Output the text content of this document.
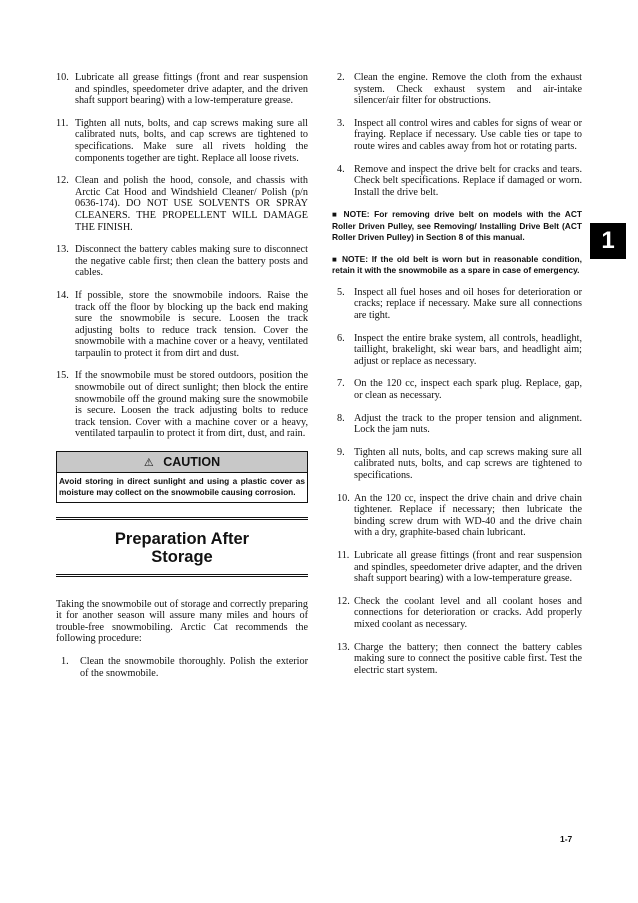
10. Lubricate all grease fittings (front and rear suspension and spindles, speedometer drive adapter, and the driven shaft support bearing) with a low-temperature grease.
11. Tighten all nuts, bolts, and cap screws making sure all calibrated nuts, bolts, and cap screws are tightened to specifications. Make sure all rivets holding the components together are tight. Replace all loose rivets.
12. Clean and polish the hood, console, and chassis with Arctic Cat Hood and Windshield Cleaner/ Polish (p/n 0636-174). DO NOT USE SOLVENTS OR SPRAY CLEANERS. THE PROPELLENT WILL DAMAGE THE FINISH.
13. Disconnect the battery cables making sure to disconnect the negative cable first; then clean the battery posts and cables.
14. If possible, store the snowmobile indoors. Raise the track off the floor by blocking up the back end making sure the snowmobile is secure. Loosen the track adjusting bolts to reduce track tension. Cover the snowmobile with a machine cover or a heavy, ventilated tarpaulin to protect it from dirt and dust.
15. If the snowmobile must be stored outdoors, position the snowmobile out of direct sunlight; then block the entire snowmobile off the ground making sure the snowmobile is secure. Loosen the track adjusting bolts to reduce track tension. Cover with a machine cover or a heavy, ventilated tarpaulin to protect it from dirt, dust, and rain.
⚠ CAUTION
Avoid storing in direct sunlight and using a plastic cover as moisture may collect on the snowmobile causing corrosion.
Preparation After
Storage
Taking the snowmobile out of storage and correctly preparing it for another season will assure many miles and hours of trouble-free snowmobiling. Arctic Cat recommends the following procedure:
1.	Clean the snowmobile thoroughly. Polish the exterior of the snowmobile.
2. Clean the engine. Remove the cloth from the exhaust system. Check exhaust system and air-intake silencer/air filter for obstructions.
3. Inspect all control wires and cables for signs of wear or fraying. Replace if necessary. Use cable ties or tape to route wires and cables away from hot or rotating parts.
4. Remove and inspect the drive belt for cracks and tears. Check belt specifications. Replace if damaged or worn. Install the drive belt.
■ NOTE: For removing drive belt on models with the ACT Roller Driven Pulley, see Removing/ Installing Drive Belt (ACT Roller Driven Pulley) in Section 8 of this manual.
■ NOTE: If the old belt is worn but in reasonable condition, retain it with the snowmobile as a spare in case of emergency.
5. Inspect all fuel hoses and oil hoses for deterioration or cracks; replace if necessary. Make sure all connections are tight.
6. Inspect the entire brake system, all controls, headlight, taillight, brakelight, ski wear bars, and headlight aim; adjust or replace as necessary.
7. On the 120 cc, inspect each spark plug. Replace, gap, or clean as necessary.
8. Adjust the track to the proper tension and alignment. Lock the jam nuts.
9. Tighten all nuts, bolts, and cap screws making sure all calibrated nuts, bolts, and cap screws are tightened to specifications.
10. An the 120 cc, inspect the drive chain and drive chain tightener. Replace if necessary; then lubricate the binding screw drum with WD-40 and the drive chain with a dry, graphite-based chain lubricant.
11. Lubricate all grease fittings (front and rear suspension and spindles, speedometer drive adapter, and the driven shaft support bearing) with a low-temperature grease.
12. Check the coolant level and all coolant hoses and connections for deterioration or cracks. Add properly mixed coolant as necessary.
13. Charge the battery; then connect the battery cables making sure to connect the positive cable first. Test the electric start system.
1
1-7
